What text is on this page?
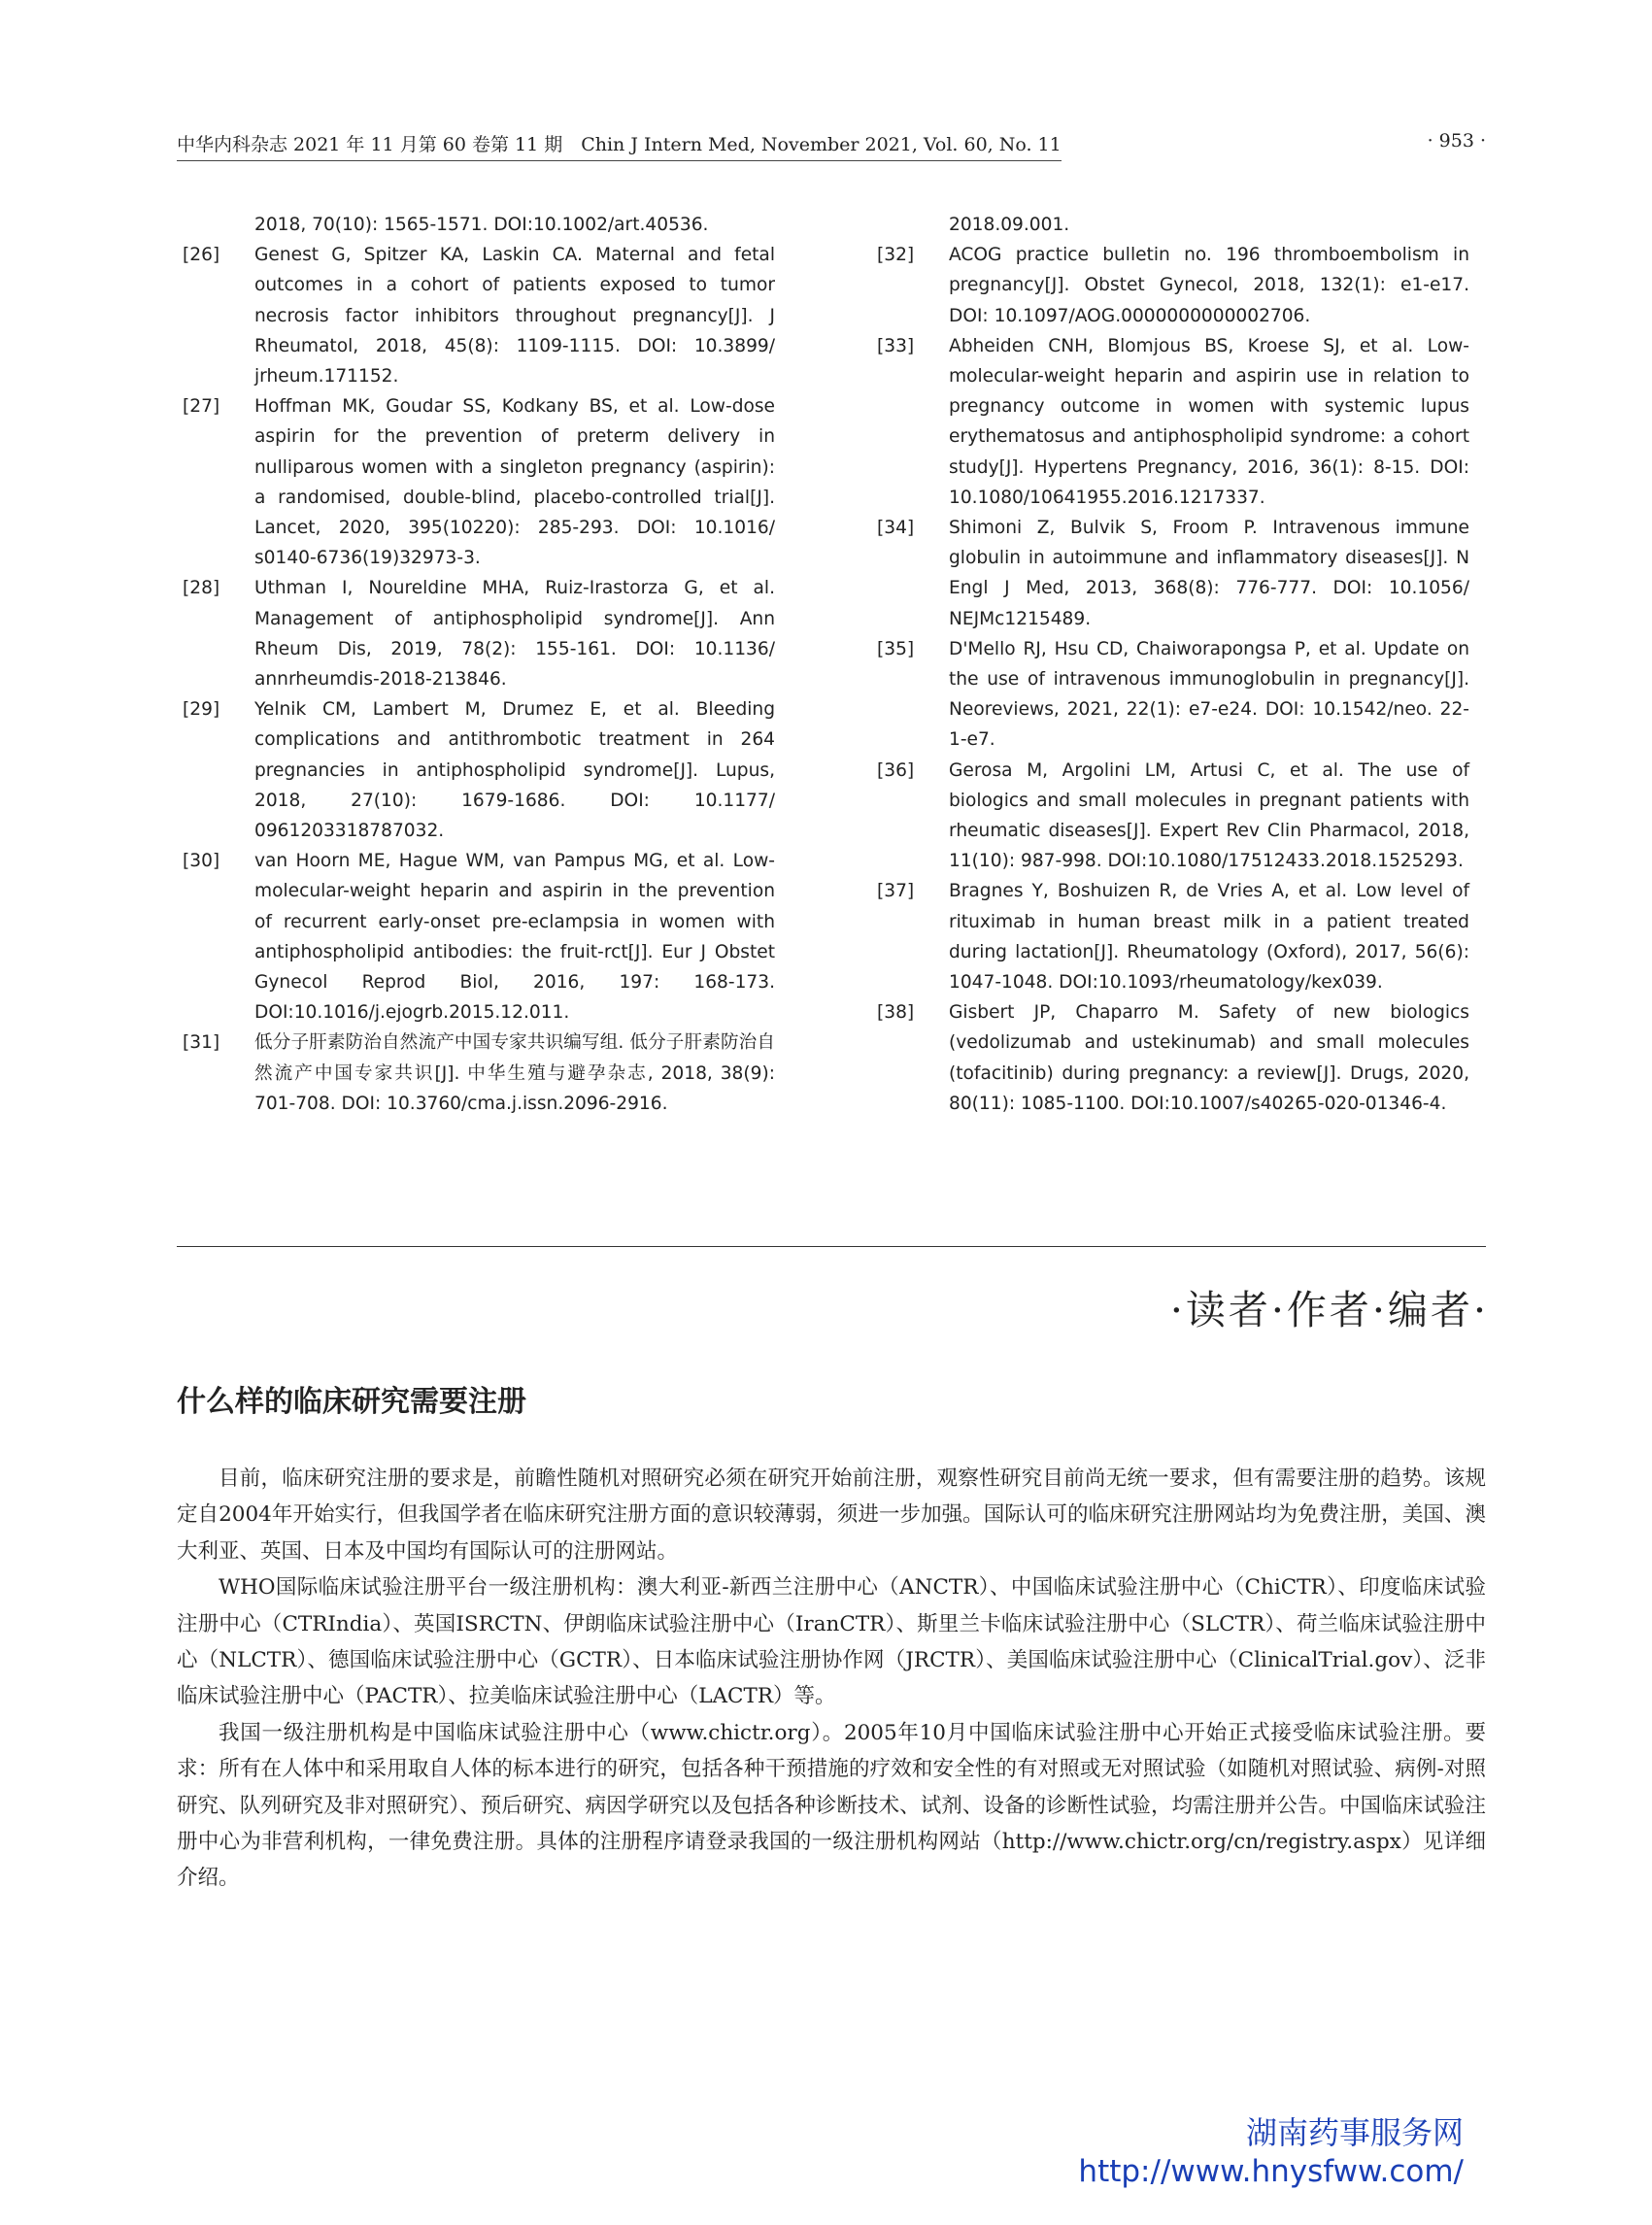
中华内科杂志 2021 年 11 月第 60 卷第 11 期　Chin J Intern Med, November 2021, Vol. 60, No. 11	· 953 ·
2018, 70(10): 1565-1571. DOI:10.1002/art.40536.
[26] Genest G, Spitzer KA, Laskin CA. Maternal and fetal outcomes in a cohort of patients exposed to tumor necrosis factor inhibitors throughout pregnancy[J]. J Rheumatol, 2018, 45(8): 1109-1115. DOI: 10.3899/ jrheum.171152.
[27] Hoffman MK, Goudar SS, Kodkany BS, et al. Low-dose aspirin for the prevention of preterm delivery in nulliparous women with a singleton pregnancy (aspirin): a randomised, double-blind, placebo-controlled trial[J]. Lancet, 2020, 395(10220): 285-293. DOI: 10.1016/ s0140-6736(19)32973-3.
[28] Uthman I, Noureldine MHA, Ruiz-Irastorza G, et al. Management of antiphospholipid syndrome[J]. Ann Rheum Dis, 2019, 78(2): 155-161. DOI: 10.1136/ annrheumdis-2018-213846.
[29] Yelnik CM, Lambert M, Drumez E, et al. Bleeding complications and antithrombotic treatment in 264 pregnancies in antiphospholipid syndrome[J]. Lupus, 2018, 27(10): 1679-1686. DOI: 10.1177/ 0961203318787032.
[30] van Hoorn ME, Hague WM, van Pampus MG, et al. Low-molecular-weight heparin and aspirin in the prevention of recurrent early-onset pre-eclampsia in women with antiphospholipid antibodies: the fruit-rct[J]. Eur J Obstet Gynecol Reprod Biol, 2016, 197: 168-173. DOI:10.1016/j.ejogrb.2015.12.011.
[31] 低分子肝素防治自然流产中国专家共识编写组. 低分子肝素防治自然流产中国专家共识[J]. 中华生殖与避孕杂志, 2018, 38(9): 701-708. DOI: 10.3760/cma.j.issn.2096-2916.
2018.09.001.
[32] ACOG practice bulletin no. 196 thromboembolism in pregnancy[J]. Obstet Gynecol, 2018, 132(1): e1-e17. DOI: 10.1097/AOG.0000000000002706.
[33] Abheiden CNH, Blomjous BS, Kroese SJ, et al. Low-molecular-weight heparin and aspirin use in relation to pregnancy outcome in women with systemic lupus erythematosus and antiphospholipid syndrome: a cohort study[J]. Hypertens Pregnancy, 2016, 36(1): 8-15. DOI: 10.1080/10641955.2016.1217337.
[34] Shimoni Z, Bulvik S, Froom P. Intravenous immune globulin in autoimmune and inflammatory diseases[J]. N Engl J Med, 2013, 368(8): 776-777. DOI: 10.1056/ NEJMc1215489.
[35] D'Mello RJ, Hsu CD, Chaiworapongsa P, et al. Update on the use of intravenous immunoglobulin in pregnancy[J]. Neoreviews, 2021, 22(1): e7-e24. DOI: 10.1542/neo. 22-1-e7.
[36] Gerosa M, Argolini LM, Artusi C, et al. The use of biologics and small molecules in pregnant patients with rheumatic diseases[J]. Expert Rev Clin Pharmacol, 2018, 11(10): 987-998. DOI:10.1080/17512433.2018.1525293.
[37] Bragnes Y, Boshuizen R, de Vries A, et al. Low level of rituximab in human breast milk in a patient treated during lactation[J]. Rheumatology (Oxford), 2017, 56(6): 1047-1048. DOI:10.1093/rheumatology/kex039.
[38] Gisbert JP, Chaparro M. Safety of new biologics (vedolizumab and ustekinumab) and small molecules (tofacitinib) during pregnancy: a review[J]. Drugs, 2020, 80(11): 1085-1100. DOI:10.1007/s40265-020-01346-4.
·读者·作者·编者·
什么样的临床研究需要注册

目前，临床研究注册的要求是，前瞻性随机对照研究必须在研究开始前注册，观察性研究目前尚无统一要求，但有需要注册的趋势。该规定自2004年开始实行，但我国学者在临床研究注册方面的意识较薄弱，须进一步加强。国际认可的临床研究注册网站均为免费注册，美国、澳大利亚、英国、日本及中国均有国际认可的注册网站。

WHO国际临床试验注册平台一级注册机构：澳大利亚-新西兰注册中心（ANCTR）、中国临床试验注册中心（ChiCTR）、印度临床试验注册中心（CTRIndia）、英国ISRCTN、伊朗临床试验注册中心（IranCTR）、斯里兰卡临床试验注册中心（SLCTR）、荷兰临床试验注册中心（NLCTR）、德国临床试验注册中心（GCTR）、日本临床试验注册协作网（JRCTR）、美国临床试验注册中心（ClinicalTrial.gov）、泛非临床试验注册中心（PACTR）、拉美临床试验注册中心（LACTR）等。

我国一级注册机构是中国临床试验注册中心（www.chictr.org）。2005年10月中国临床试验注册中心开始正式接受临床试验注册。要求：所有在人体中和采用取自人体的标本进行的研究，包括各种干预措施的疗效和安全性的有对照或无对照试验（如随机对照试验、病例-对照研究、队列研究及非对照研究）、预后研究、病因学研究以及包括各种诊断技术、试剂、设备的诊断性试验，均需注册并公告。中国临床试验注册中心为非营利机构，一律免费注册。具体的注册程序请登录我国的一级注册机构网站（http://www.chictr.org/cn/registry.aspx）见详细介绍。

湖南药事服务网
http://www.hnysfww.com/
